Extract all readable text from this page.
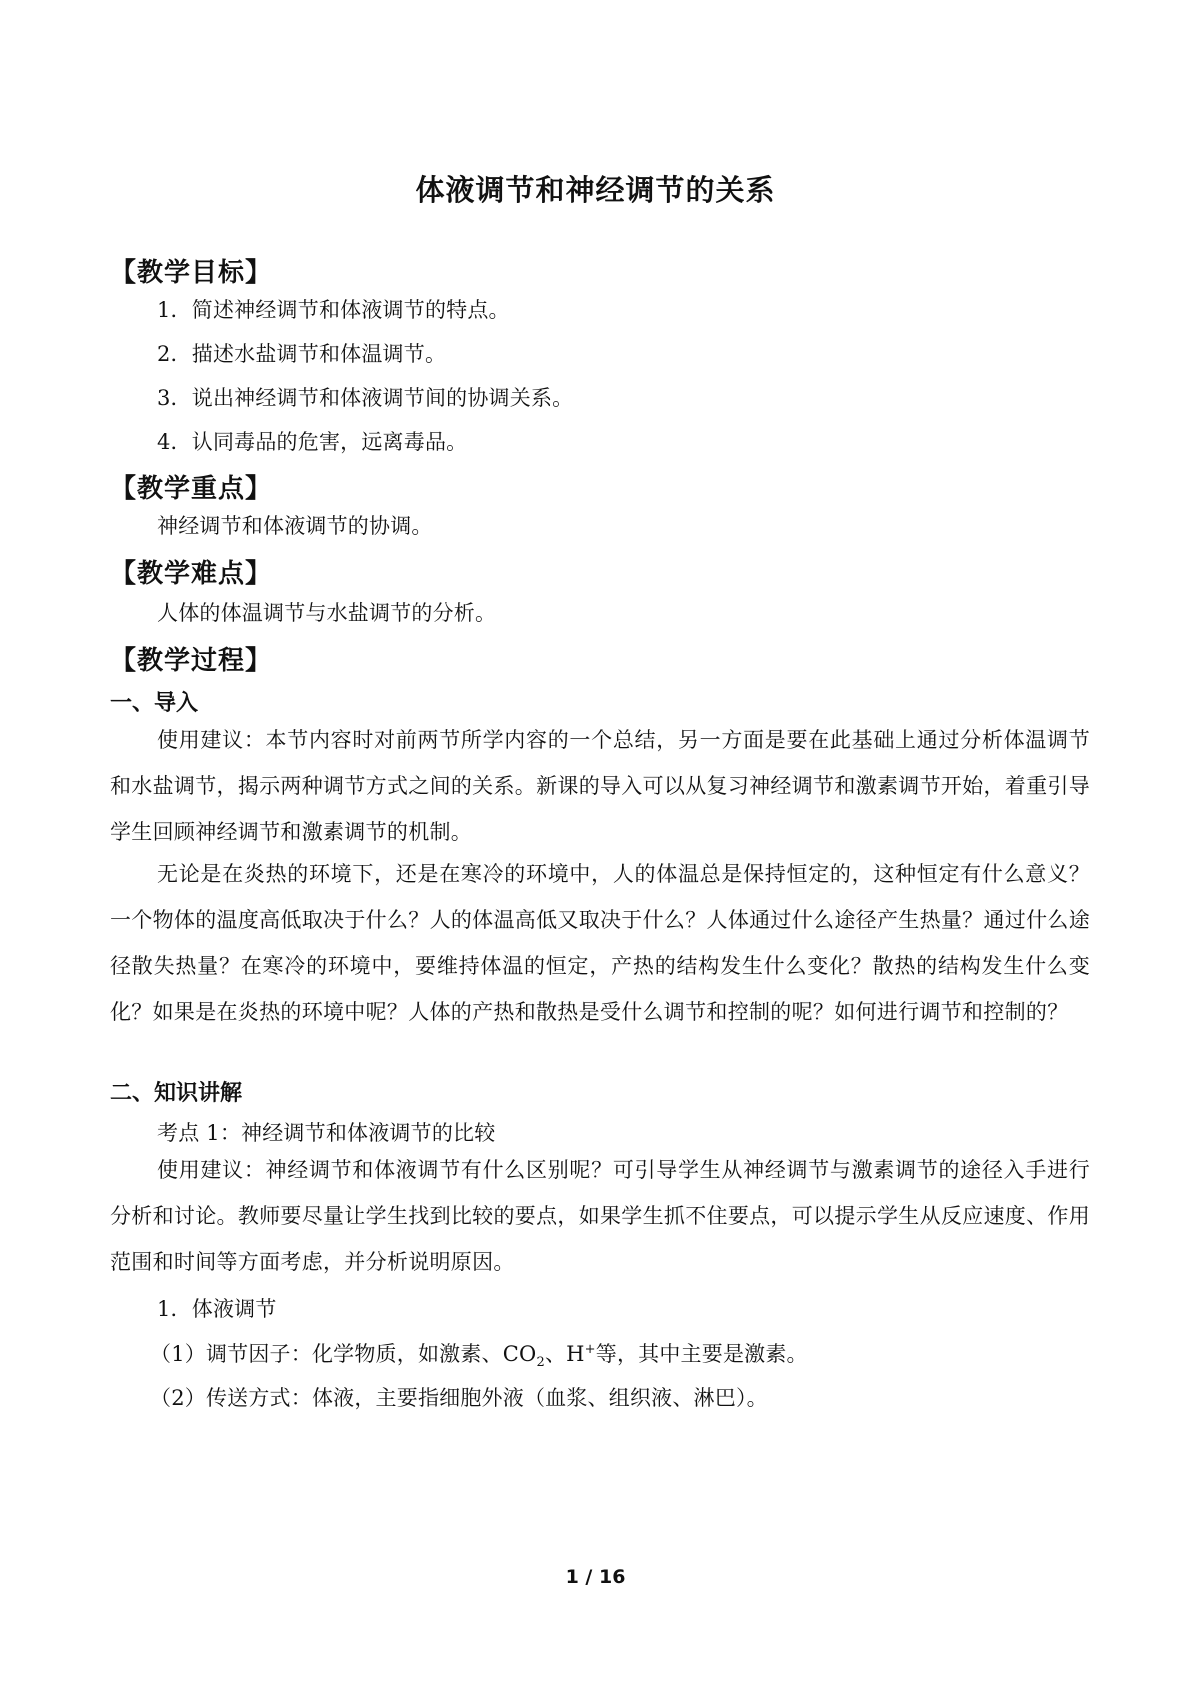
体液调节和神经调节的关系
【教学目标】
1．简述神经调节和体液调节的特点。
2．描述水盐调节和体温调节。
3．说出神经调节和体液调节间的协调关系。
4．认同毒品的危害，远离毒品。
【教学重点】
神经调节和体液调节的协调。
【教学难点】
人体的体温调节与水盐调节的分析。
【教学过程】
一、导入
使用建议：本节内容时对前两节所学内容的一个总结，另一方面是要在此基础上通过分析体温调节和水盐调节，揭示两种调节方式之间的关系。新课的导入可以从复习神经调节和激素调节开始，着重引导学生回顾神经调节和激素调节的机制。
无论是在炎热的环境下，还是在寒冷的环境中，人的体温总是保持恒定的，这种恒定有什么意义？一个物体的温度高低取决于什么？人的体温高低又取决于什么？人体通过什么途径产生热量？通过什么途径散失热量？在寒冷的环境中，要维持体温的恒定，产热的结构发生什么变化？散热的结构发生什么变化？如果是在炎热的环境中呢？人体的产热和散热是受什么调节和控制的呢？如何进行调节和控制的？
二、知识讲解
考点 1：神经调节和体液调节的比较
使用建议：神经调节和体液调节有什么区别呢？可引导学生从神经调节与激素调节的途径入手进行分析和讨论。教师要尽量让学生找到比较的要点，如果学生抓不住要点，可以提示学生从反应速度、作用范围和时间等方面考虑，并分析说明原因。
1．体液调节
（1）调节因子：化学物质，如激素、$CO_2$、H+等，其中主要是激素。
（2）传送方式：体液，主要指细胞外液（血浆、组织液、淋巴）。
1 / 16
